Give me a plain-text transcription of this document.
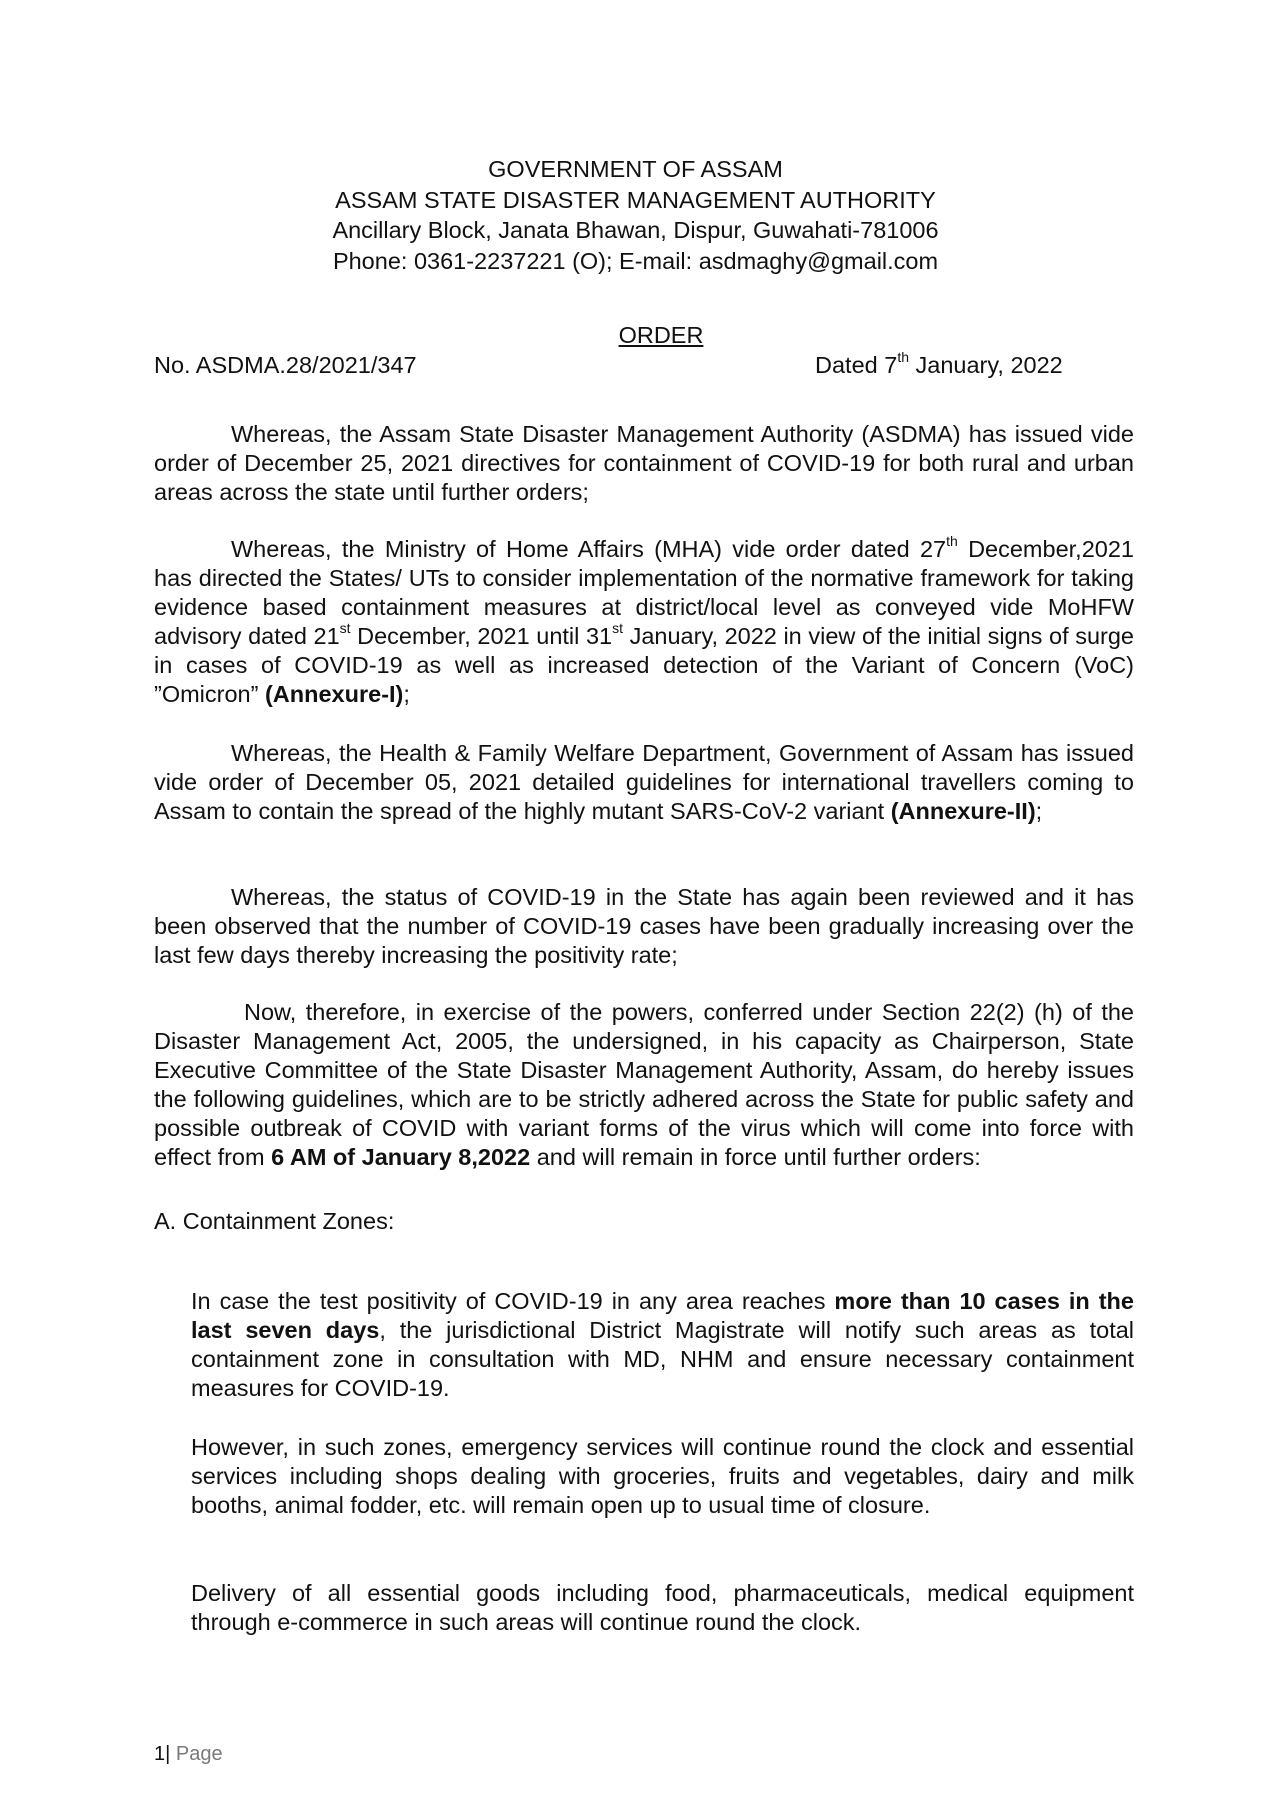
GOVERNMENT OF ASSAM
ASSAM STATE DISASTER MANAGEMENT AUTHORITY
Ancillary Block, Janata Bhawan, Dispur, Guwahati-781006
Phone: 0361-2237221 (O); E-mail: asdmaghy@gmail.com
ORDER
No. ASDMA.28/2021/347	Dated 7th January, 2022
Whereas, the Assam State Disaster Management Authority (ASDMA) has issued vide order of December 25, 2021 directives for containment of COVID-19 for both rural and urban areas across the state until further orders;
Whereas, the Ministry of Home Affairs (MHA) vide order dated 27th December,2021 has directed the States/ UTs to consider implementation of the normative framework for taking evidence based containment measures at district/local level as conveyed vide MoHFW advisory dated 21st December, 2021 until 31st January, 2022 in view of the initial signs of surge in cases of COVID-19 as well as increased detection of the Variant of Concern (VoC) ”Omicron” (Annexure-I);
Whereas, the Health & Family Welfare Department, Government of Assam has issued vide order of December 05, 2021 detailed guidelines for international travellers coming to Assam to contain the spread of the highly mutant SARS-CoV-2 variant (Annexure-II);
Whereas, the status of COVID-19 in the State has again been reviewed and it has been observed that the number of COVID-19 cases have been gradually increasing over the last few days thereby increasing the positivity rate;
Now, therefore, in exercise of the powers, conferred under Section 22(2) (h) of the Disaster Management Act, 2005, the undersigned, in his capacity as Chairperson, State Executive Committee of the State Disaster Management Authority, Assam, do hereby issues the following guidelines, which are to be strictly adhered across the State for public safety and possible outbreak of COVID with variant forms of the virus which will come into force with effect from 6 AM of January 8,2022 and will remain in force until further orders:
A. Containment Zones:
In case the test positivity of COVID-19 in any area reaches more than 10 cases in the last seven days, the jurisdictional District Magistrate will notify such areas as total containment zone in consultation with MD, NHM and ensure necessary containment measures for COVID-19.
However, in such zones, emergency services will continue round the clock and essential services including shops dealing with groceries, fruits and vegetables, dairy and milk booths, animal fodder, etc. will remain open up to usual time of closure.
Delivery of all essential goods including food, pharmaceuticals, medical equipment through e-commerce in such areas will continue round the clock.
1| Page
